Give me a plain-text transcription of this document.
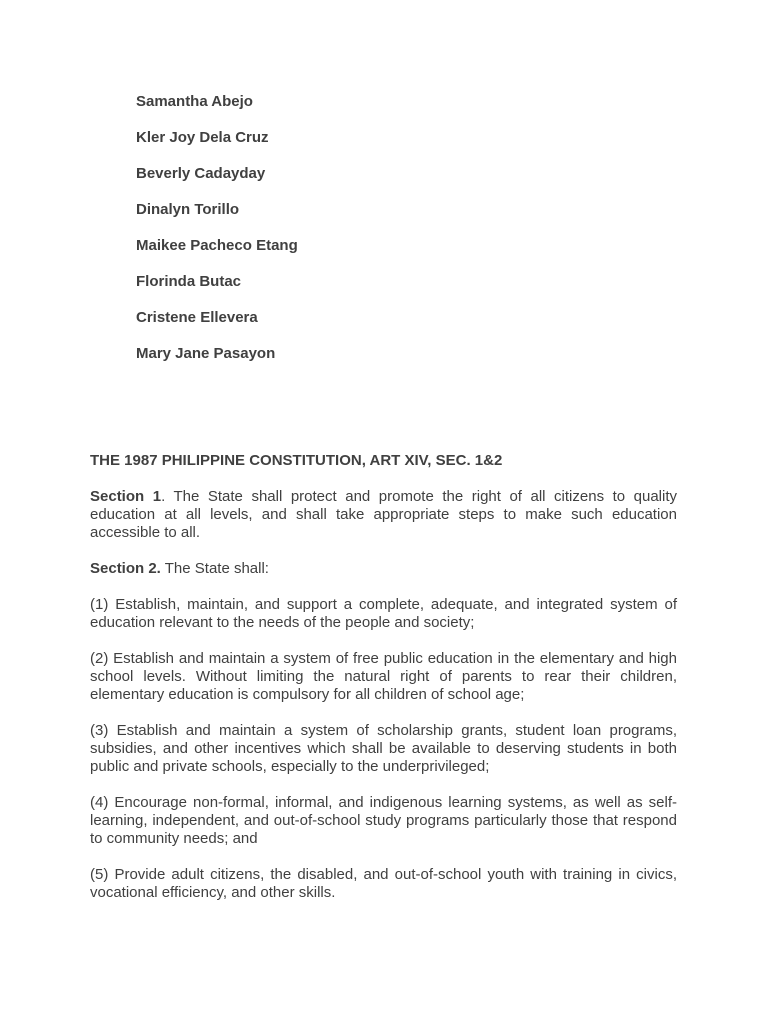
Samantha Abejo
Kler Joy Dela Cruz
Beverly Cadayday
Dinalyn Torillo
Maikee Pacheco Etang
Florinda Butac
Cristene Ellevera
Mary Jane Pasayon

THE 1987 PHILIPPINE CONSTITUTION, ART XIV, SEC. 1&2

Section 1. The State shall protect and promote the right of all citizens to quality education at all levels, and shall take appropriate steps to make such education accessible to all.

Section 2. The State shall:

(1) Establish, maintain, and support a complete, adequate, and integrated system of education relevant to the needs of the people and society;

(2) Establish and maintain a system of free public education in the elementary and high school levels. Without limiting the natural right of parents to rear their children, elementary education is compulsory for all children of school age;

(3) Establish and maintain a system of scholarship grants, student loan programs, subsidies, and other incentives which shall be available to deserving students in both public and private schools, especially to the underprivileged;

(4) Encourage non-formal, informal, and indigenous learning systems, as well as self-learning, independent, and out-of-school study programs particularly those that respond to community needs; and

(5) Provide adult citizens, the disabled, and out-of-school youth with training in civics, vocational efficiency, and other skills.
